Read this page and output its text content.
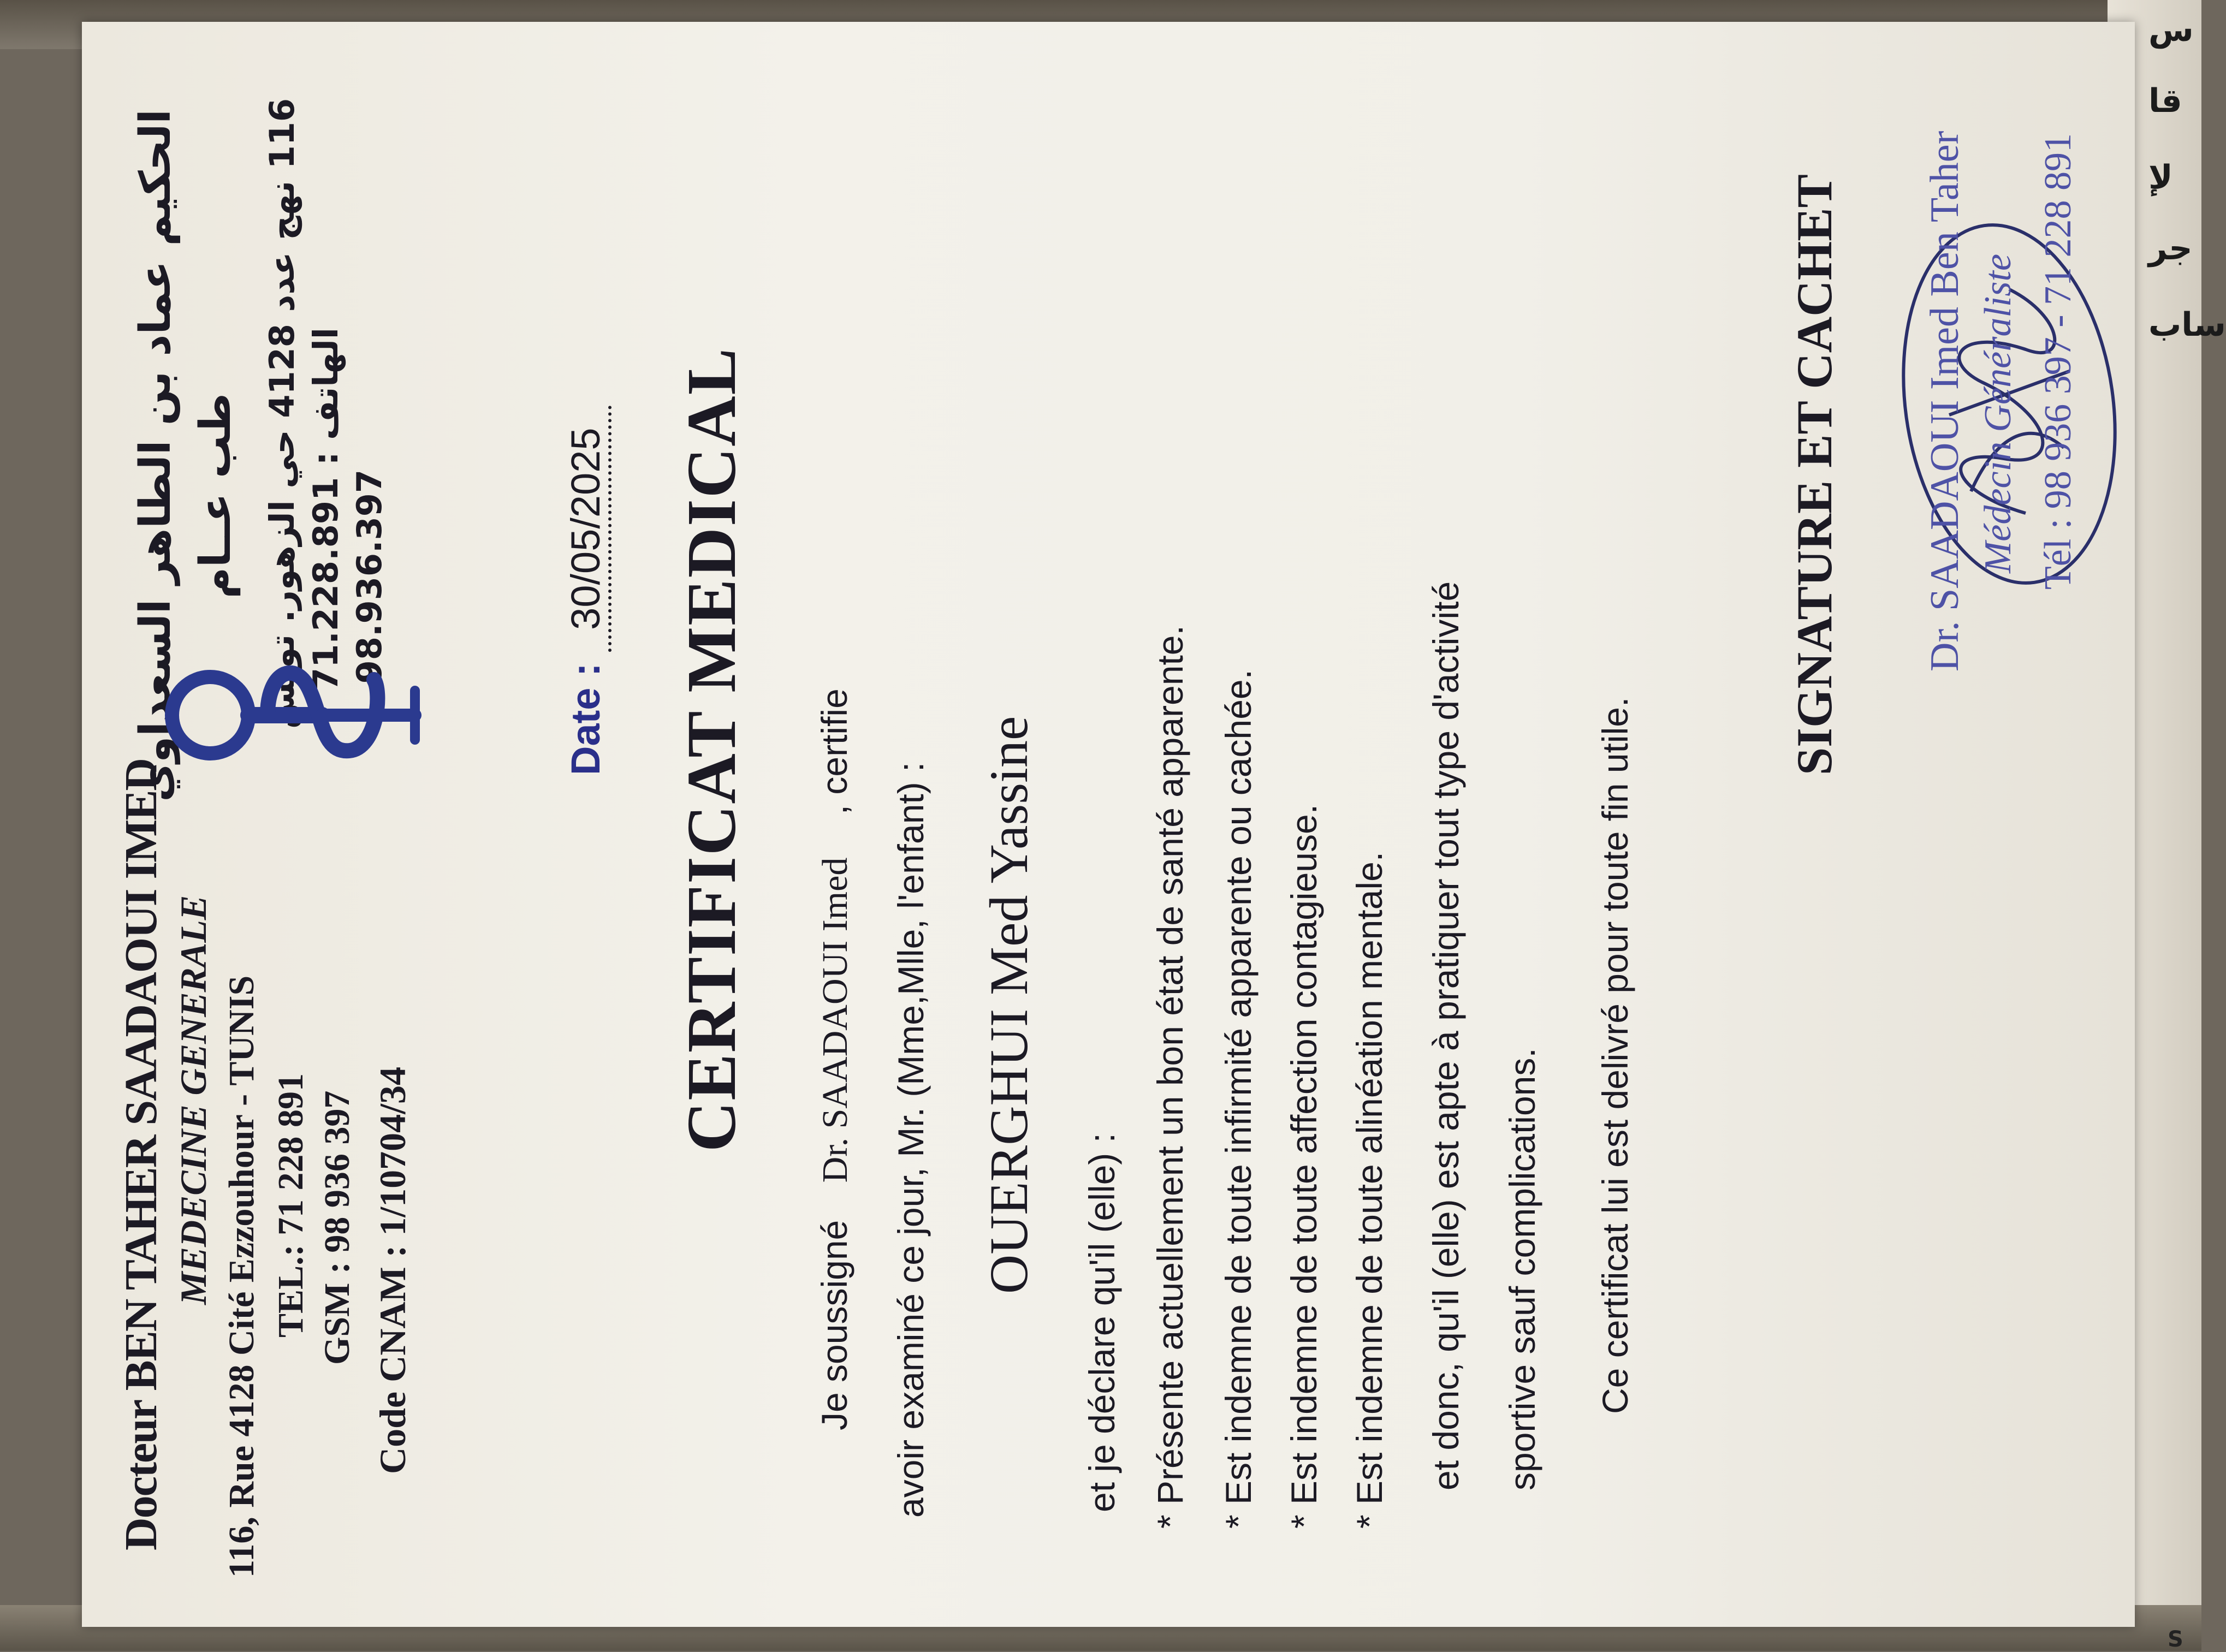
س
قا
لإ
جر
ساب
S
Docteur BEN TAHER SAADAOUI IMED MEDECINE GENERALE 116, Rue 4128 Cité Ezzouhour - TUNIS TEL.: 71 228 891 GSM : 98 936 397 Code CNAM : 1/10704/34
الحكيم عماد بن الطاهر السعداوي طب عــام 116 نهج عدد 4128 حي الزهور. تونس
الهاتف : 71.228.891
98.936.397
Date : 30/05/2025 CERTIFICAT MEDICAL
Je soussigné Dr. SAADAOUI Imed , certifie
avoir examiné ce jour, Mr. (Mme,Mlle, l'enfant) : OUERGHUI Med Yassine
et je déclare qu'il (elle) : * Présente actuellement un bon état de santé apparente. * Est indemne de toute infirmité apparente ou cachée. * Est indemne de toute affection contagieuse. * Est indemne de toute alinéation mentale. et donc, qu'il (elle) est apte à pratiquer tout type d'activité sportive sauf complications. Ce certificat lui est delivré pour toute fin utile.
SIGNATURE ET CACHET Dr. SAADAOUI Imed Ben Taher Médecin Généraliste Tél : 98 936 397 - 71 228 891
